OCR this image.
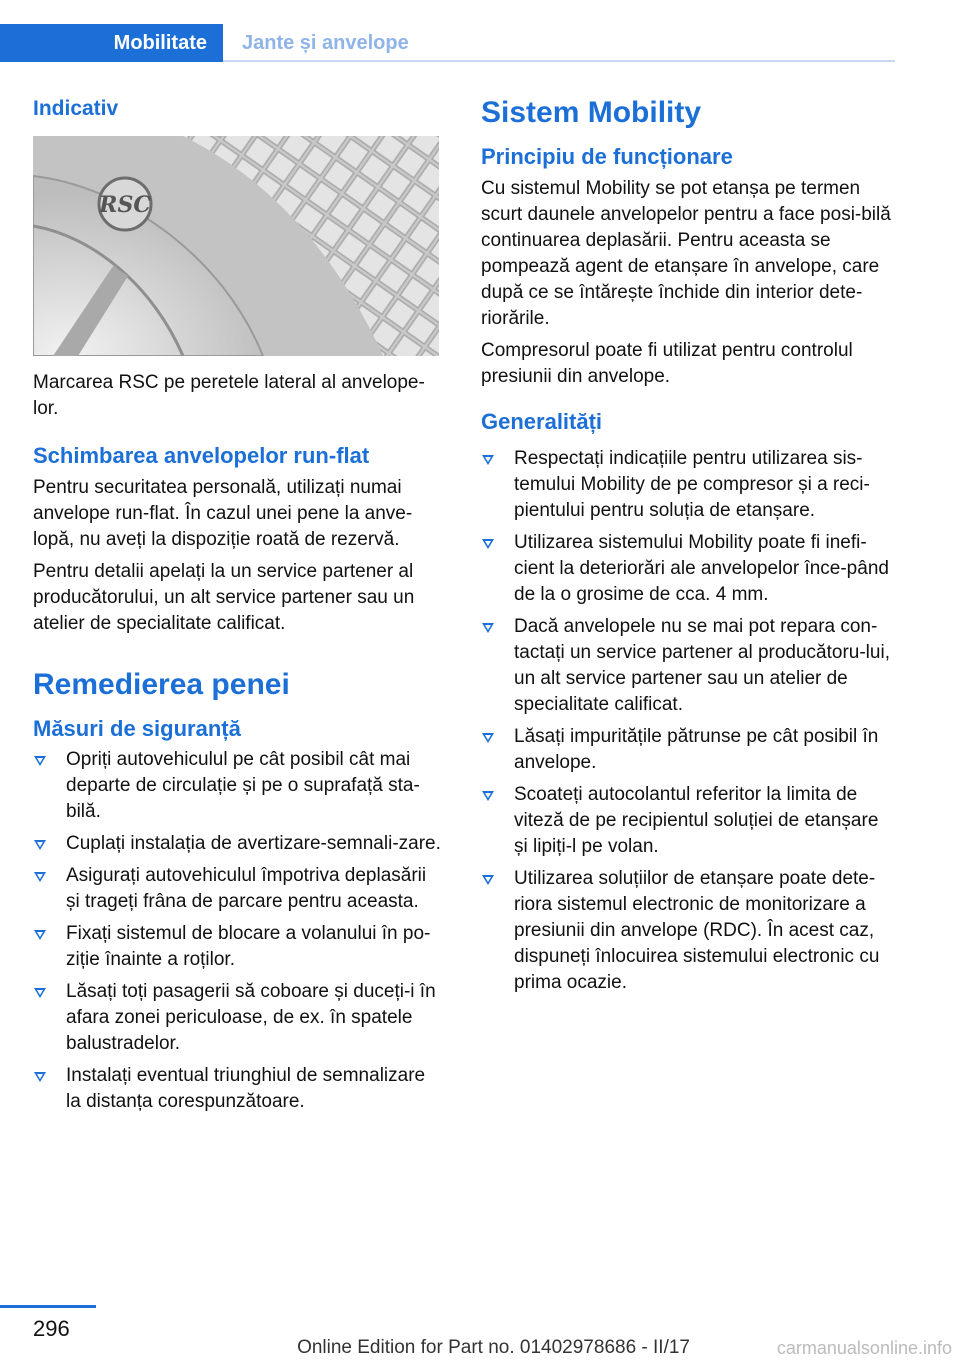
Mobilitate	Jante și anvelope
Indicativ
RSC

Marcarea RSC pe peretele lateral al anvelope-lor.

Schimbarea anvelopelor run-flat

Pentru securitatea personală, utilizați numai anvelope run-flat. În cazul unei pene la anve-lopă, nu aveți la dispoziție roată de rezervă.

Pentru detalii apelați la un service partener al producătorului, un alt service partener sau un atelier de specialitate calificat.

Remedierea penei
Măsuri de siguranță
Opriți autovehiculul pe cât posibil cât mai departe de circulație și pe o suprafață sta-bilă.
Cuplați instalația de avertizare-semnali-zare.
Asigurați autovehiculul împotriva deplasării și trageți frâna de parcare pentru aceasta.
Fixați sistemul de blocare a volanului în po-ziție înainte a roților.
Lăsați toți pasagerii să coboare și duceți-i în afara zonei periculoase, de ex. în spatele balustradelor.
Instalați eventual triunghiul de semnalizare la distanța corespunzătoare.
Sistem Mobility
Principiu de funcționare

Cu sistemul Mobility se pot etanșa pe termen scurt daunele anvelopelor pentru a face posi-bilă continuarea deplasării. Pentru aceasta se pompează agent de etanșare în anvelope, care după ce se întărește închide din interior dete-riorările.

Compresorul poate fi utilizat pentru controlul presiunii din anvelope.

Generalități
Respectați indicațiile pentru utilizarea sis-temului Mobility de pe compresor și a reci-pientului pentru soluția de etanșare.
Utilizarea sistemului Mobility poate fi inefi-cient la deteriorări ale anvelopelor înce-pând de la o grosime de cca. 4 mm.
Dacă anvelopele nu se mai pot repara con-tactați un service partener al producătoru-lui, un alt service partener sau un atelier de specialitate calificat.
Lăsați impuritățile pătrunse pe cât posibil în anvelope.
Scoateți autocolantul referitor la limita de viteză de pe recipientul soluției de etanșare și lipiți-l pe volan.
Utilizarea soluțiilor de etanșare poate dete-riora sistemul electronic de monitorizare a presiunii din anvelope (RDC). În acest caz, dispuneți înlocuirea sistemului electronic cu prima ocazie.
296
Online Edition for Part no. 01402978686 - II/17	carmanualsonline.info
